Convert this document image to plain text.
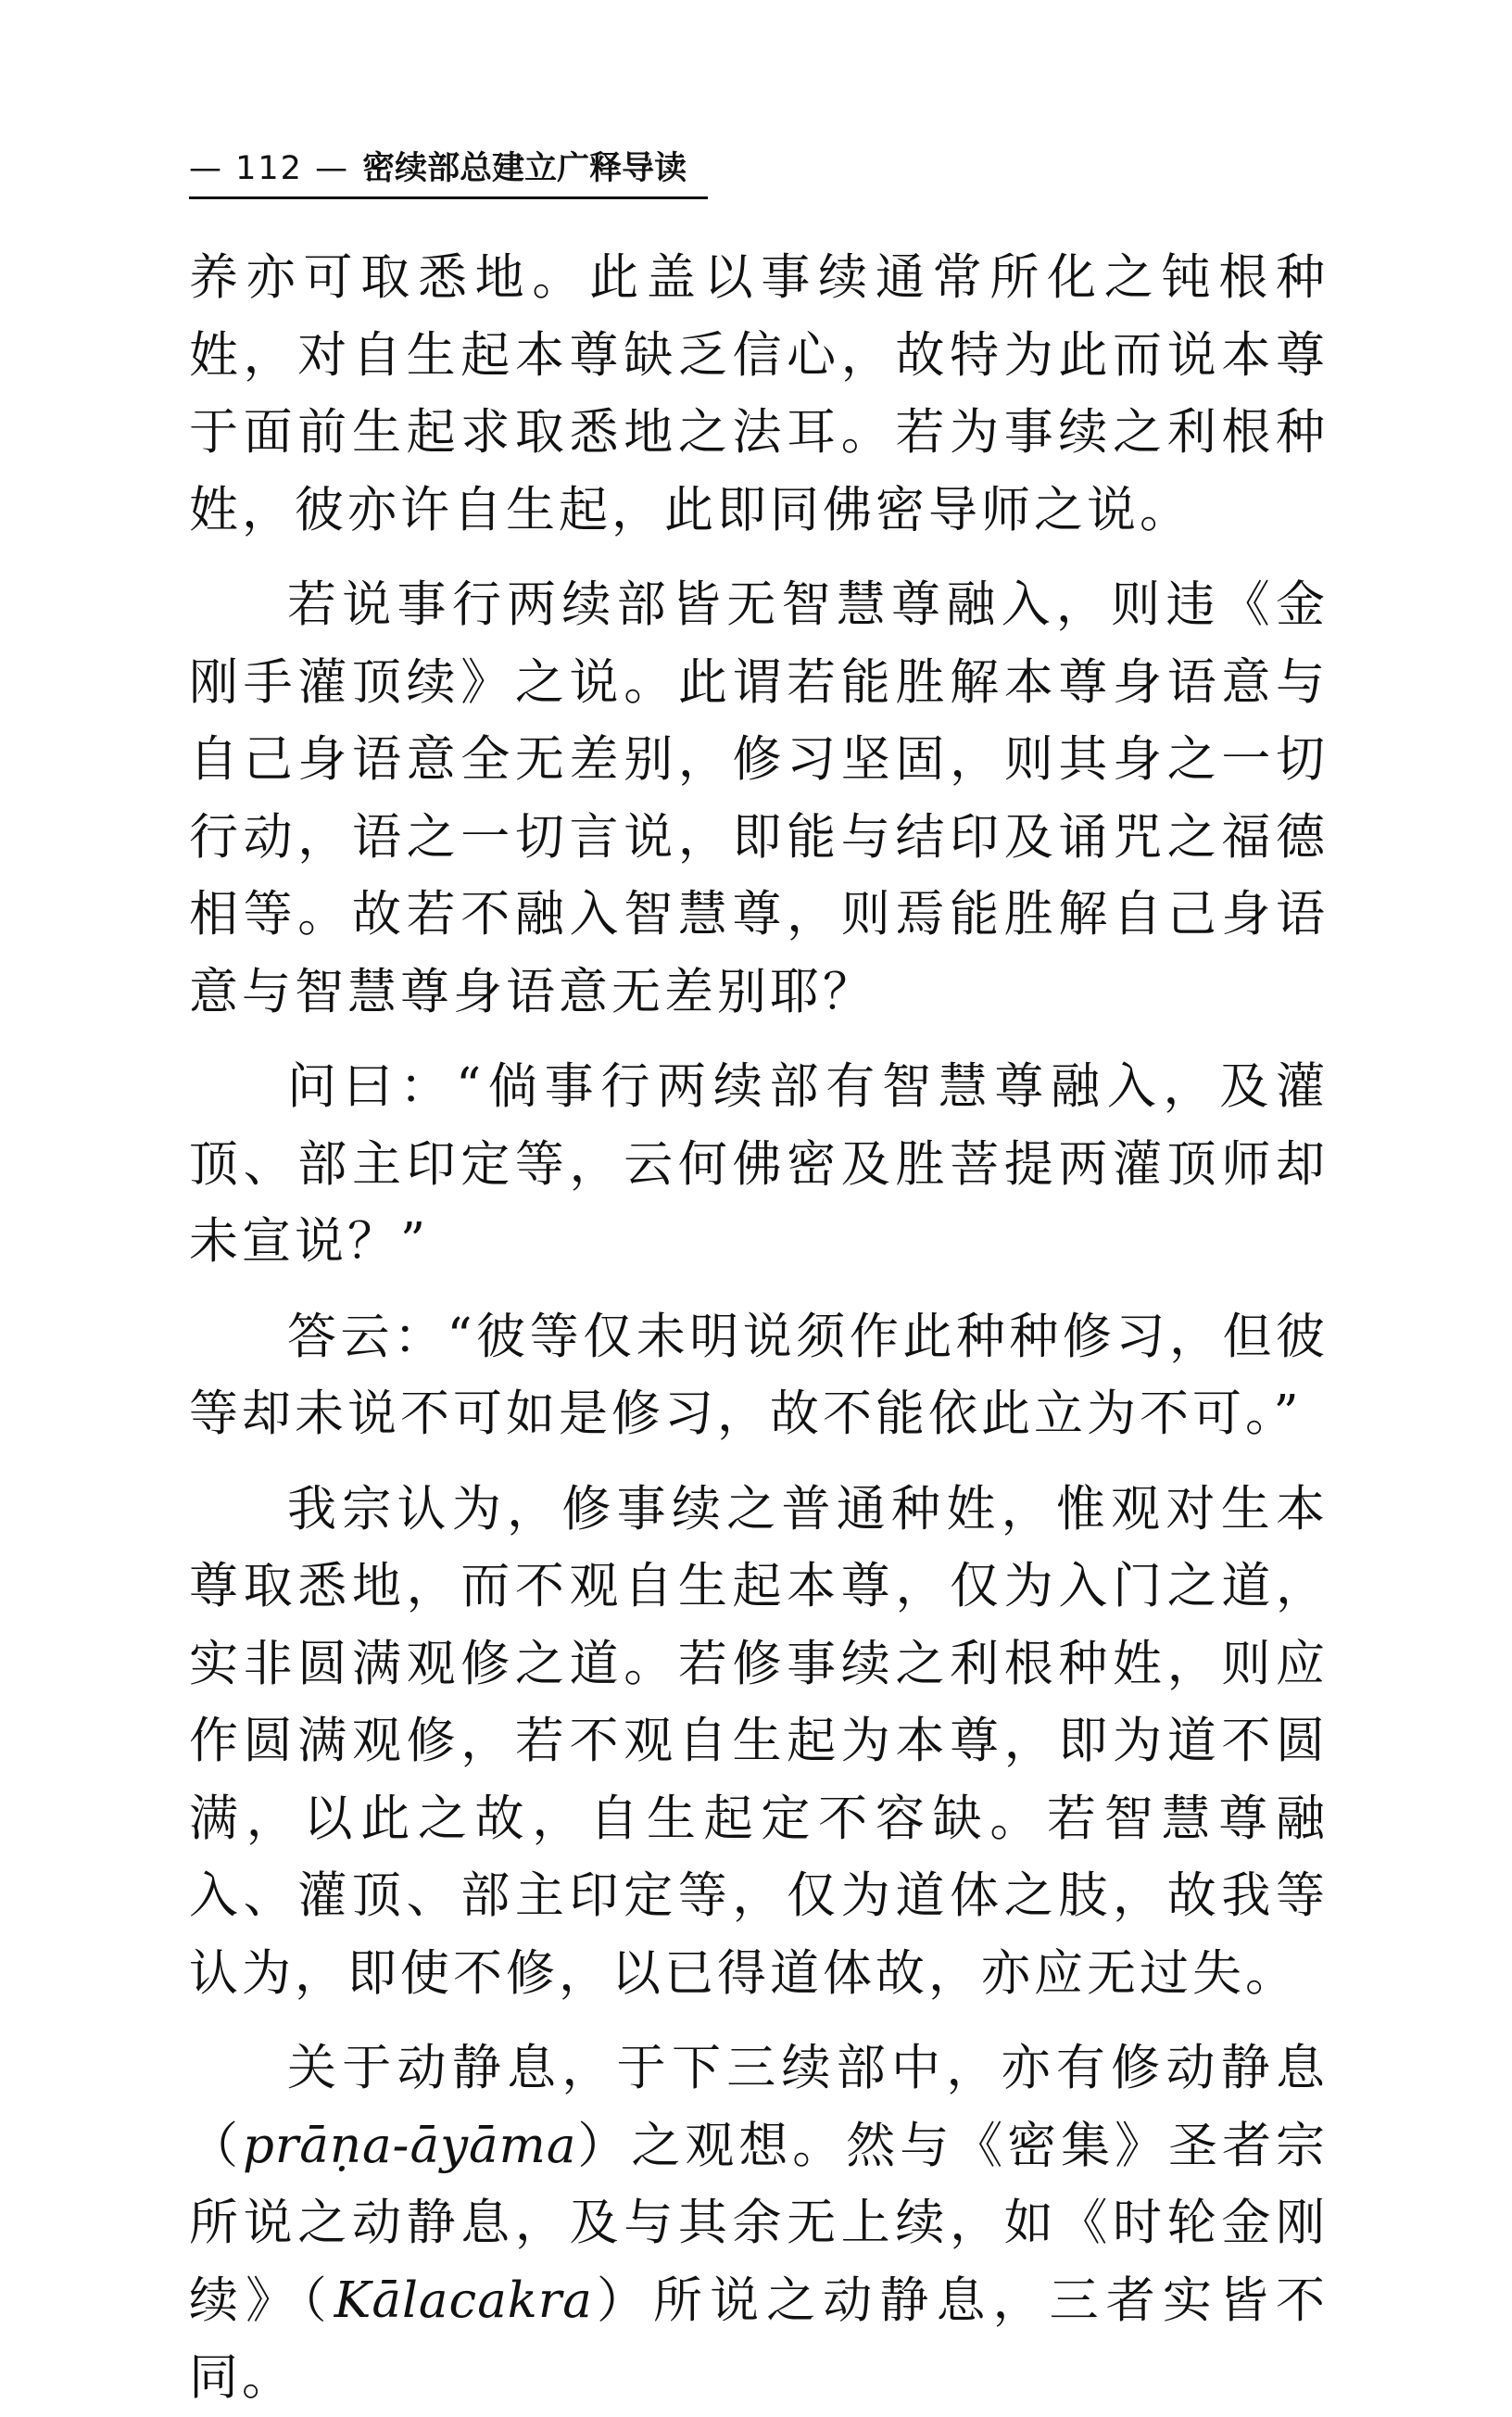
— 112 — 密续部总建立广释导读

养亦可取悉地。此盖以事续通常所化之钝根种姓，对自生起本尊缺乏信心，故特为此而说本尊于面前生起求取悉地之法耳。若为事续之利根种姓，彼亦许自生起，此即同佛密导师之说。

若说事行两续部皆无智慧尊融入，则违《金刚手灌顶续》之说。此谓若能胜解本尊身语意与自己身语意全无差别，修习坚固，则其身之一切行动，语之一切言说，即能与结印及诵咒之福德相等。故若不融入智慧尊，则焉能胜解自己身语意与智慧尊身语意无差别耶？

问曰：“倘事行两续部有智慧尊融入，及灌顶、部主印定等，云何佛密及胜菩提两灌顶师却未宣说？”

答云：“彼等仅未明说须作此种种修习，但彼等却未说不可如是修习，故不能依此立为不可。”

我宗认为，修事续之普通种姓，惟观对生本尊取悉地，而不观自生起本尊，仅为入门之道，实非圆满观修之道。若修事续之利根种姓，则应作圆满观修，若不观自生起为本尊，即为道不圆满，以此之故，自生起定不容缺。若智慧尊融入、灌顶、部主印定等，仅为道体之肢，故我等认为，即使不修，以已得道体故，亦应无过失。

关于动静息，于下三续部中，亦有修动静息（prāṇa-āyāma）之观想。然与《密集》圣者宗所说之动静息，及与其余无上续，如《时轮金刚续》（Kālacakra）所说之动静息，三者实皆不同。
